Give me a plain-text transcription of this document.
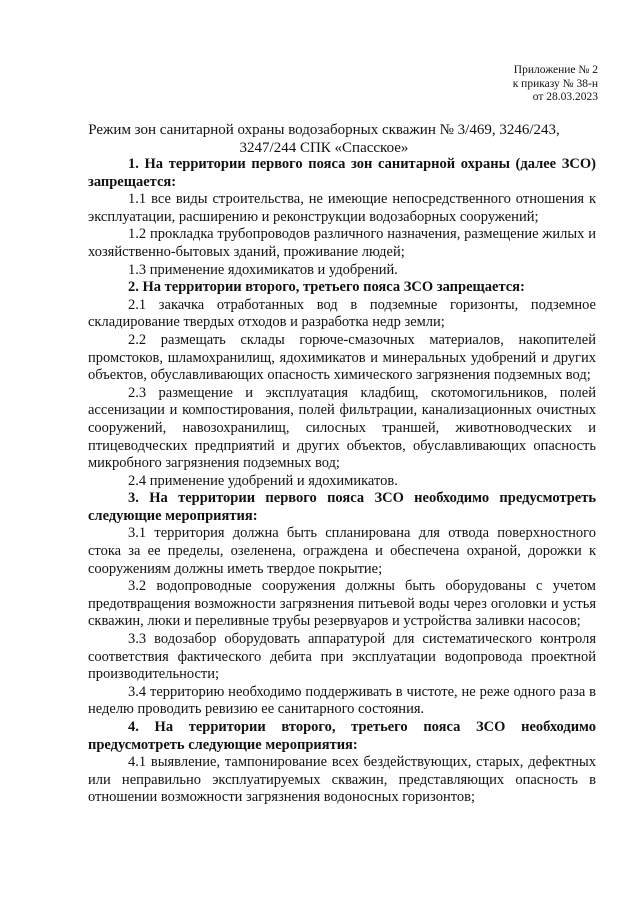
Приложение № 2
к приказу № 38-н
от 28.03.2023
Режим зон санитарной охраны водозаборных скважин № 3/469, 3246/243,
3247/244 СПК «Спасское»

1. На территории первого пояса зон санитарной охраны (далее ЗСО) запрещается:

1.1 все виды строительства, не имеющие непосредственного отношения к эксплуатации, расширению и реконструкции водозаборных сооружений;

1.2 прокладка трубопроводов различного назначения, размещение жилых и хозяйственно-бытовых зданий, проживание людей;

1.3 применение ядохимикатов и удобрений.

2. На территории второго, третьего пояса ЗСО запрещается:

2.1 закачка отработанных вод в подземные горизонты, подземное складирование твердых отходов и разработка недр земли;

2.2 размещать склады горюче-смазочных материалов, накопителей промстоков, шламохранилищ, ядохимикатов и минеральных удобрений и других объектов, обуславливающих опасность химического загрязнения подземных вод;

2.3 размещение и эксплуатация кладбищ, скотомогильников, полей ассенизации и компостирования, полей фильтрации, канализационных очистных сооружений, навозохранилищ, силосных траншей, животноводческих и птицеводческих предприятий и других объектов, обуславливающих опасность микробного загрязнения подземных вод;

2.4 применение удобрений и ядохимикатов.

3. На территории первого пояса ЗСО необходимо предусмотреть следующие мероприятия:

3.1 территория должна быть спланирована для отвода поверхностного стока за ее пределы, озеленена, ограждена и обеспечена охраной, дорожки к сооружениям должны иметь твердое покрытие;

3.2 водопроводные сооружения должны быть оборудованы с учетом предотвращения возможности загрязнения питьевой воды через оголовки и устья скважин, люки и переливные трубы резервуаров и устройства заливки насосов;

3.3 водозабор оборудовать аппаратурой для систематического контроля соответствия фактического дебита при эксплуатации водопровода проектной производительности;

3.4 территорию необходимо поддерживать в чистоте, не реже одного раза в неделю проводить ревизию ее санитарного состояния.

4. На территории второго, третьего пояса ЗСО необходимо предусмотреть следующие мероприятия:

4.1 выявление, тампонирование всех бездействующих, старых, дефектных или неправильно эксплуатируемых скважин, представляющих опасность в отношении возможности загрязнения водоносных горизонтов;
